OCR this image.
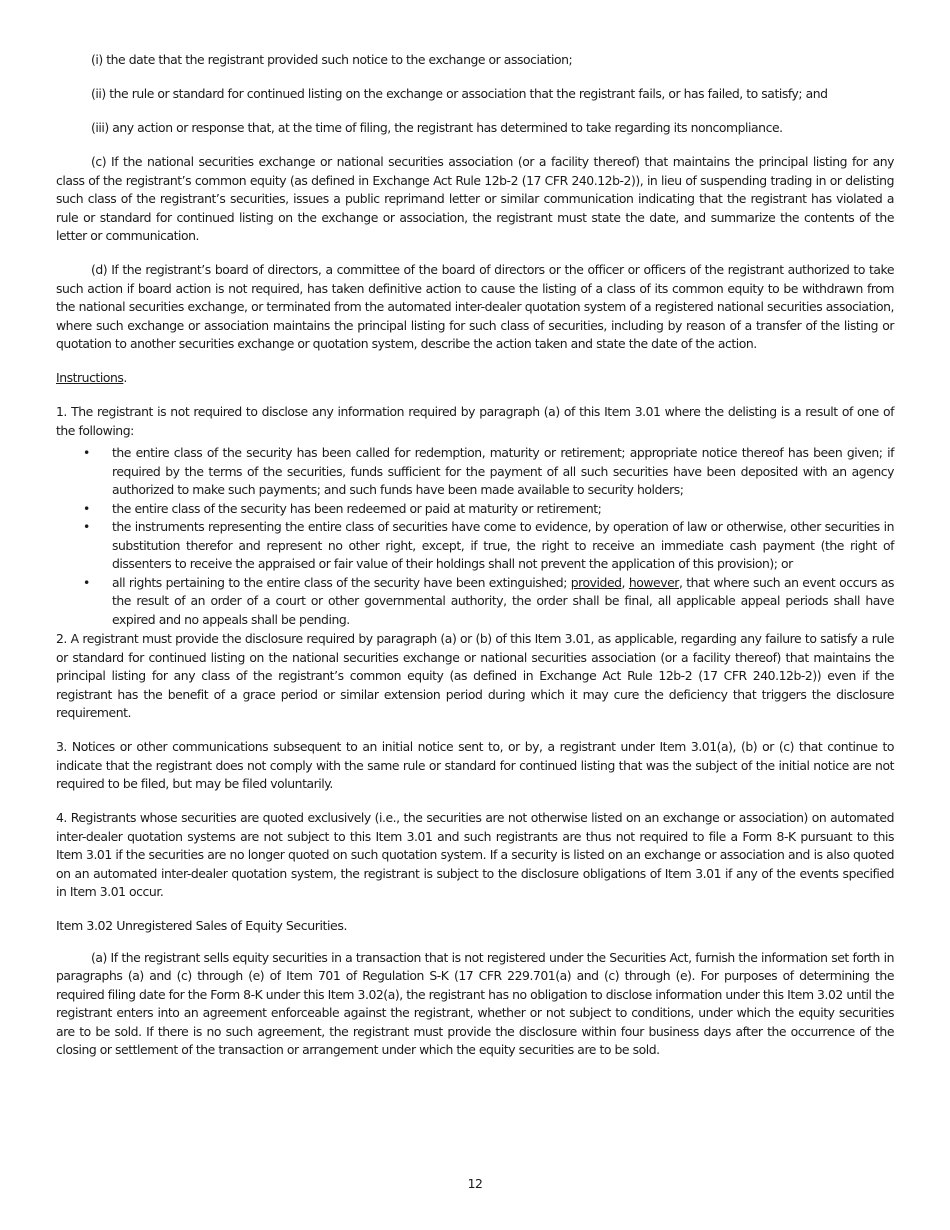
(i) the date that the registrant provided such notice to the exchange or association;

(ii) the rule or standard for continued listing on the exchange or association that the registrant fails, or has failed, to satisfy; and

(iii) any action or response that, at the time of filing, the registrant has determined to take regarding its noncompliance.

(c) If the national securities exchange or national securities association (or a facility thereof) that maintains the principal listing for any class of the registrant’s common equity (as defined in Exchange Act Rule 12b-2 (17 CFR 240.12b-2)), in lieu of suspending trading in or delisting such class of the registrant’s securities, issues a public reprimand letter or similar communication indicating that the registrant has violated a rule or standard for continued listing on the exchange or association, the registrant must state the date, and summarize the contents of the letter or communication.

(d) If the registrant’s board of directors, a committee of the board of directors or the officer or officers of the registrant authorized to take such action if board action is not required, has taken definitive action to cause the listing of a class of its common equity to be withdrawn from the national securities exchange, or terminated from the automated inter-dealer quotation system of a registered national securities association, where such exchange or association maintains the principal listing for such class of securities, including by reason of a transfer of the listing or quotation to another securities exchange or quotation system, describe the action taken and state the date of the action.

Instructions.

1. The registrant is not required to disclose any information required by paragraph (a) of this Item 3.01 where the delisting is a result of one of the following:

• the entire class of the security has been called for redemption, maturity or retirement; appropriate notice thereof has been given; if required by the terms of the securities, funds sufficient for the payment of all such securities have been deposited with an agency authorized to make such payments; and such funds have been made available to security holders;
• the entire class of the security has been redeemed or paid at maturity or retirement;
• the instruments representing the entire class of securities have come to evidence, by operation of law or otherwise, other securities in substitution therefor and represent no other right, except, if true, the right to receive an immediate cash payment (the right of dissenters to receive the appraised or fair value of their holdings shall not prevent the application of this provision); or
• all rights pertaining to the entire class of the security have been extinguished; provided, however, that where such an event occurs as the result of an order of a court or other governmental authority, the order shall be final, all applicable appeal periods shall have expired and no appeals shall be pending.

2. A registrant must provide the disclosure required by paragraph (a) or (b) of this Item 3.01, as applicable, regarding any failure to satisfy a rule or standard for continued listing on the national securities exchange or national securities association (or a facility thereof) that maintains the principal listing for any class of the registrant’s common equity (as defined in Exchange Act Rule 12b-2 (17 CFR 240.12b-2)) even if the registrant has the benefit of a grace period or similar extension period during which it may cure the deficiency that triggers the disclosure requirement.

3. Notices or other communications subsequent to an initial notice sent to, or by, a registrant under Item 3.01(a), (b) or (c) that continue to indicate that the registrant does not comply with the same rule or standard for continued listing that was the subject of the initial notice are not required to be filed, but may be filed voluntarily.

4. Registrants whose securities are quoted exclusively (i.e., the securities are not otherwise listed on an exchange or association) on automated inter-dealer quotation systems are not subject to this Item 3.01 and such registrants are thus not required to file a Form 8-K pursuant to this Item 3.01 if the securities are no longer quoted on such quotation system. If a security is listed on an exchange or association and is also quoted on an automated inter-dealer quotation system, the registrant is subject to the disclosure obligations of Item 3.01 if any of the events specified in Item 3.01 occur.

Item 3.02 Unregistered Sales of Equity Securities.

(a) If the registrant sells equity securities in a transaction that is not registered under the Securities Act, furnish the information set forth in paragraphs (a) and (c) through (e) of Item 701 of Regulation S-K (17 CFR 229.701(a) and (c) through (e). For purposes of determining the required filing date for the Form 8-K under this Item 3.02(a), the registrant has no obligation to disclose information under this Item 3.02 until the registrant enters into an agreement enforceable against the registrant, whether or not subject to conditions, under which the equity securities are to be sold. If there is no such agreement, the registrant must provide the disclosure within four business days after the occurrence of the closing or settlement of the transaction or arrangement under which the equity securities are to be sold.

12
